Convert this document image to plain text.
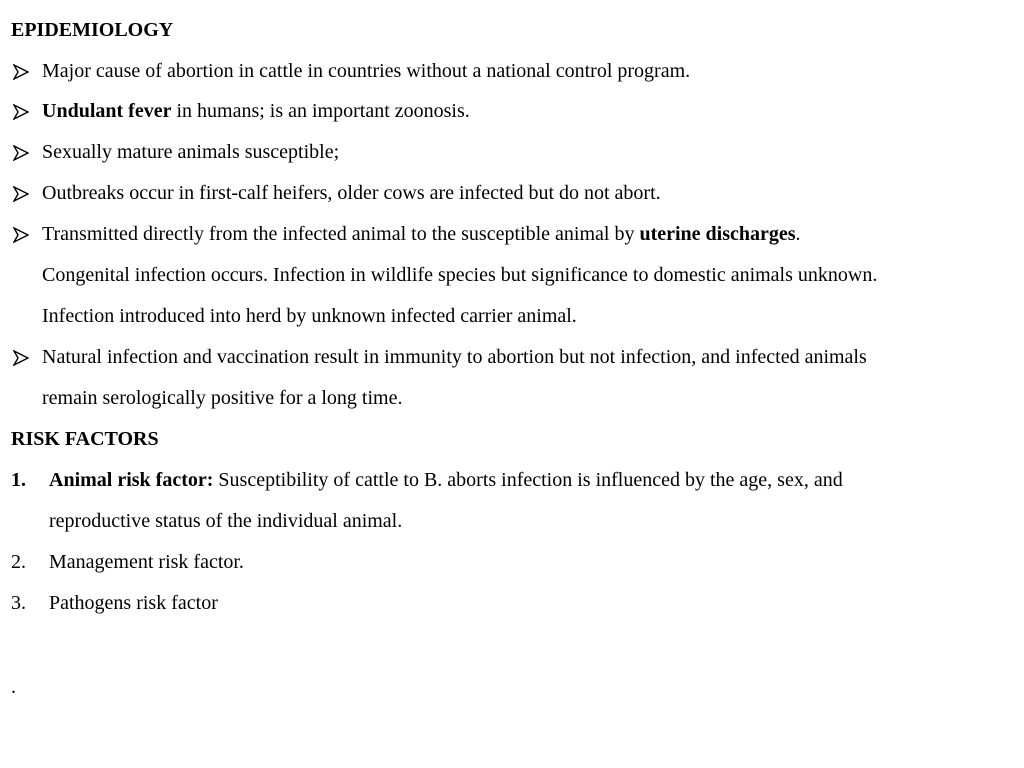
EPIDEMIOLOGY
Major cause of abortion in cattle in countries without a national control program.
Undulant fever in humans; is an important zoonosis.
Sexually mature animals susceptible;
Outbreaks occur in first-calf heifers, older cows are infected but do not abort.
Transmitted directly from the infected animal to the susceptible animal by uterine discharges.
Congenital infection occurs. Infection in wildlife species but significance to domestic animals unknown.
Infection introduced into herd by unknown infected carrier animal.
Natural infection and vaccination result in immunity to abortion but not infection, and infected animals
remain serologically positive for a long time.
RISK FACTORS
1. Animal risk factor: Susceptibility of cattle to B. aborts infection is influenced by the age, sex, and
reproductive status of the individual animal.
2. Management risk factor.
3. Pathogens risk factor
.
